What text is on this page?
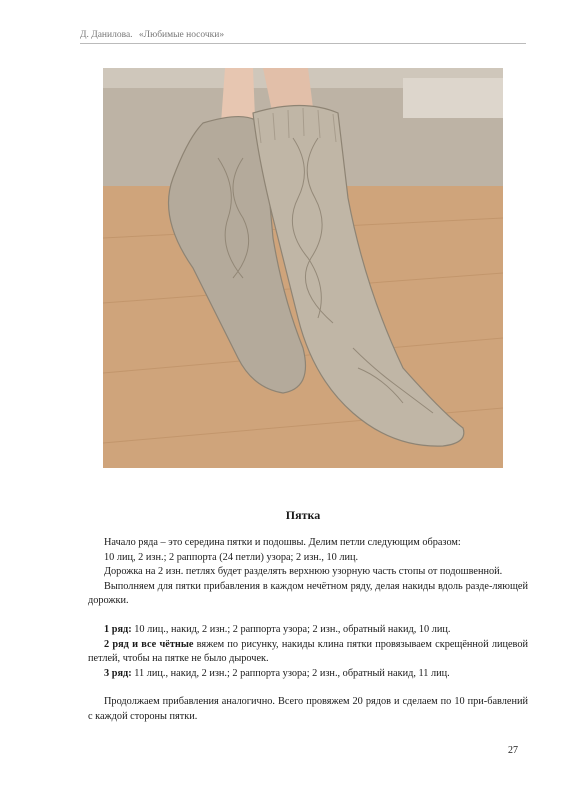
Д. Данилова. «Любимые носочки»
Пятка

Начало ряда – это середина пятки и подошвы. Делим петли следующим образом:

10 лиц, 2 изн.; 2 раппорта (24 петли) узора; 2 изн., 10 лиц.

Дорожка на 2 изн. петлях будет разделять верхнюю узорную часть стопы от подошвенной.

Выполняем для пятки прибавления в каждом нечётном ряду, делая накиды вдоль разде-ляющей дорожки.

1 ряд: 10 лиц., накид, 2 изн.; 2 раппорта узора; 2 изн., обратный накид, 10 лиц.

2 ряд и все чётные вяжем по рисунку, накиды клина пятки провязываем скрещённой лицевой петлей, чтобы на пятке не было дырочек.

3 ряд: 11 лиц., накид, 2 изн.; 2 раппорта узора; 2 изн., обратный накид, 11 лиц.

Продолжаем прибавления аналогично. Всего провяжем 20 рядов и сделаем по 10 при-бавлений с каждой стороны пятки.

27
PassionForum.ru
